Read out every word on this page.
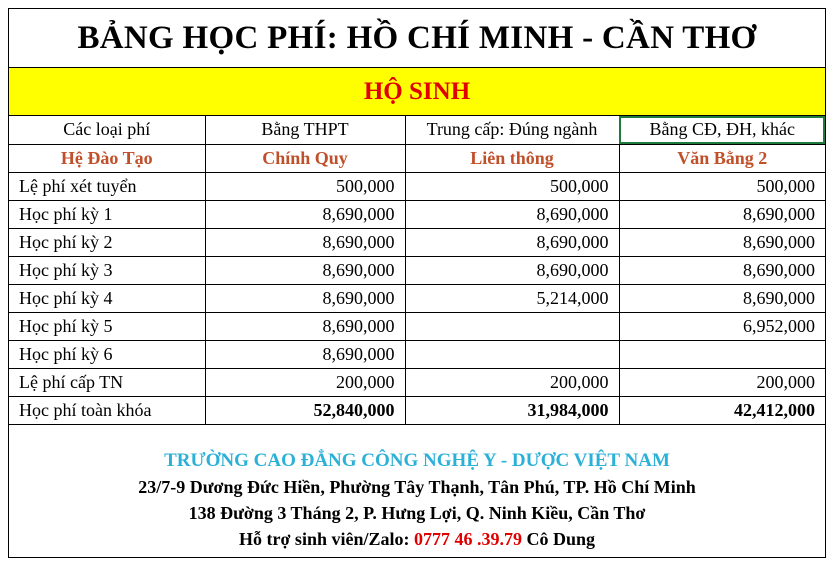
BẢNG HỌC PHÍ: HỒ CHÍ MINH - CẦN THƠ
HỘ SINH
Các loại phí	Bằng THPT	Trung cấp: Đúng ngành	Bằng CĐ, ĐH, khác

Hệ Đào Tạo	Chính Quy	Liên thông	Văn Bằng 2
Lệ phí xét tuyển	500,000	500,000	500,000
Học phí kỳ 1	8,690,000	8,690,000	8,690,000
Học phí kỳ 2	8,690,000	8,690,000	8,690,000
Học phí kỳ 3	8,690,000	8,690,000	8,690,000
Học phí kỳ 4	8,690,000	5,214,000	8,690,000
Học phí kỳ 5	8,690,000		6,952,000
Học phí kỳ 6	8,690,000		
Lệ phí cấp TN	200,000	200,000	200,000
Học phí toàn khóa	52,840,000	31,984,000	42,412,000
TRƯỜNG CAO ĐẲNG CÔNG NGHỆ Y - DƯỢC VIỆT NAM
23/7-9 Dương Đức Hiền, Phường Tây Thạnh, Tân Phú, TP. Hồ Chí Minh
138 Đường 3 Tháng 2, P. Hưng Lợi, Q. Ninh Kiều, Cần Thơ
Hỗ trợ sinh viên/Zalo: 0777 46 .39.79 Cô Dung
